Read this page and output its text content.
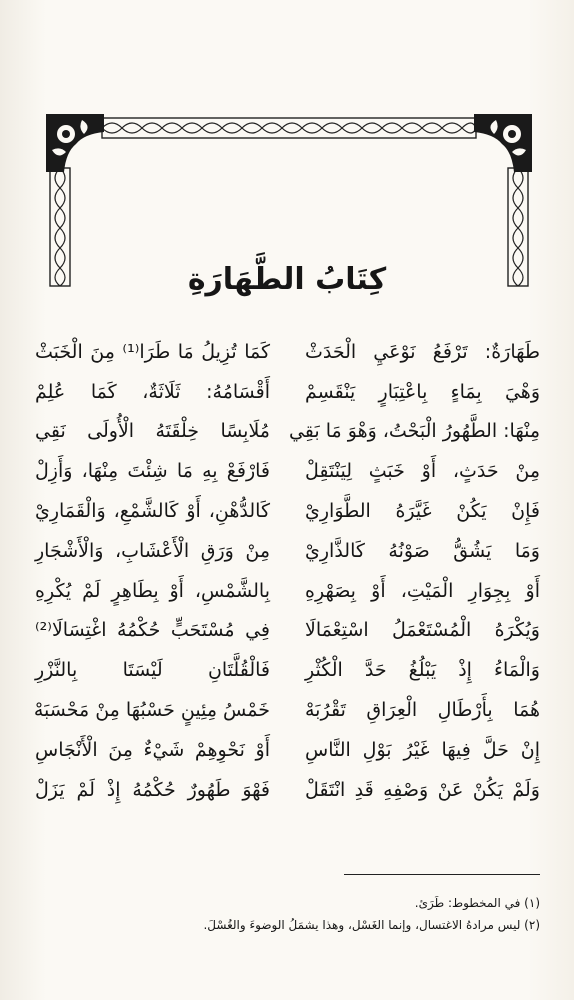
كِتَابُ الطَّهَارَةِ
طَهَارَةٌ: تَرْفَعُ نَوْعَيِ الْحَدَثْ
كَمَا تُزِيلُ مَا طَرَا⁽¹⁾ مِنَ الْخَبَثْ
وَهْيَ بِمَاءٍ بِاعْتِبَارٍ يَنْقَسِمْ
أَقْسَامُهُ: ثَلَاثَةٌ، كَمَا عُلِمْ
مِنْهَا: الطَّهُورُ الْبَحْتُ، وَهْوَ مَا بَقِي
مُلَابِسًا خِلْقَتَهُ الْأُولَى نَقِي
مِنْ حَدَثٍ، أَوْ خَبَثٍ لِيَنْتَقِلْ
فَارْفَعْ بِهِ مَا شِئْتَ مِنْهَا، وَأَزِلْ
فَإِنْ يَكُنْ غَيَّرَهُ الطَّوَارِيْ
كَالدُّهْنِ، أَوْ كَالشَّمْعِ، وَالْقَمَارِيْ
وَمَا يَشُقُّ صَوْنُهُ كَالذَّارِيْ
مِنْ وَرَقِ الْأَعْشَابِ، وَالْأَشْجَارِ
أَوْ بِجِوَارِ الْمَيْتِ، أَوْ بِصَهْرِهِ
بِالشَّمْسِ، أَوْ بِطَاهِرٍ لَمْ يُكْرِهِ
وَيُكْرَهُ الْمُسْتَعْمَلُ اسْتِعْمَالَا
فِي مُسْتَحَبٍّ حُكْمُهُ اغْتِسَالَا⁽²⁾
وَالْمَاءُ إِذْ يَبْلُغُ حَدَّ الْكُثْرِ
فَالْقُلَّتَانِ لَيْسَتَا بِالنَّزْرِ
هُمَا بِأَرْطَالِ الْعِرَاقِ تَقْرُبَهْ
خَمْسُ مِئِينٍ حَسْبُهَا مِنْ مَحْسَبَهْ
إِنْ حَلَّ فِيهَا غَيْرُ بَوْلِ النَّاسِ
أَوْ نَحْوِهِمْ شَيْءٌ مِنَ الْأَنْجَاسِ
وَلَمْ يَكُنْ عَنْ وَصْفِهِ قَدِ انْتَقَلْ
فَهْوَ طَهُورٌ حُكْمُهُ إِذْ لَمْ يَزَلْ
(١) في المخطوط: طَرَئ.
(٢) ليس مرادهُ الاغتسال، وإنما الغَسْل، وهذا يشمَلُ الوضوءَ والغُسْلَ.
